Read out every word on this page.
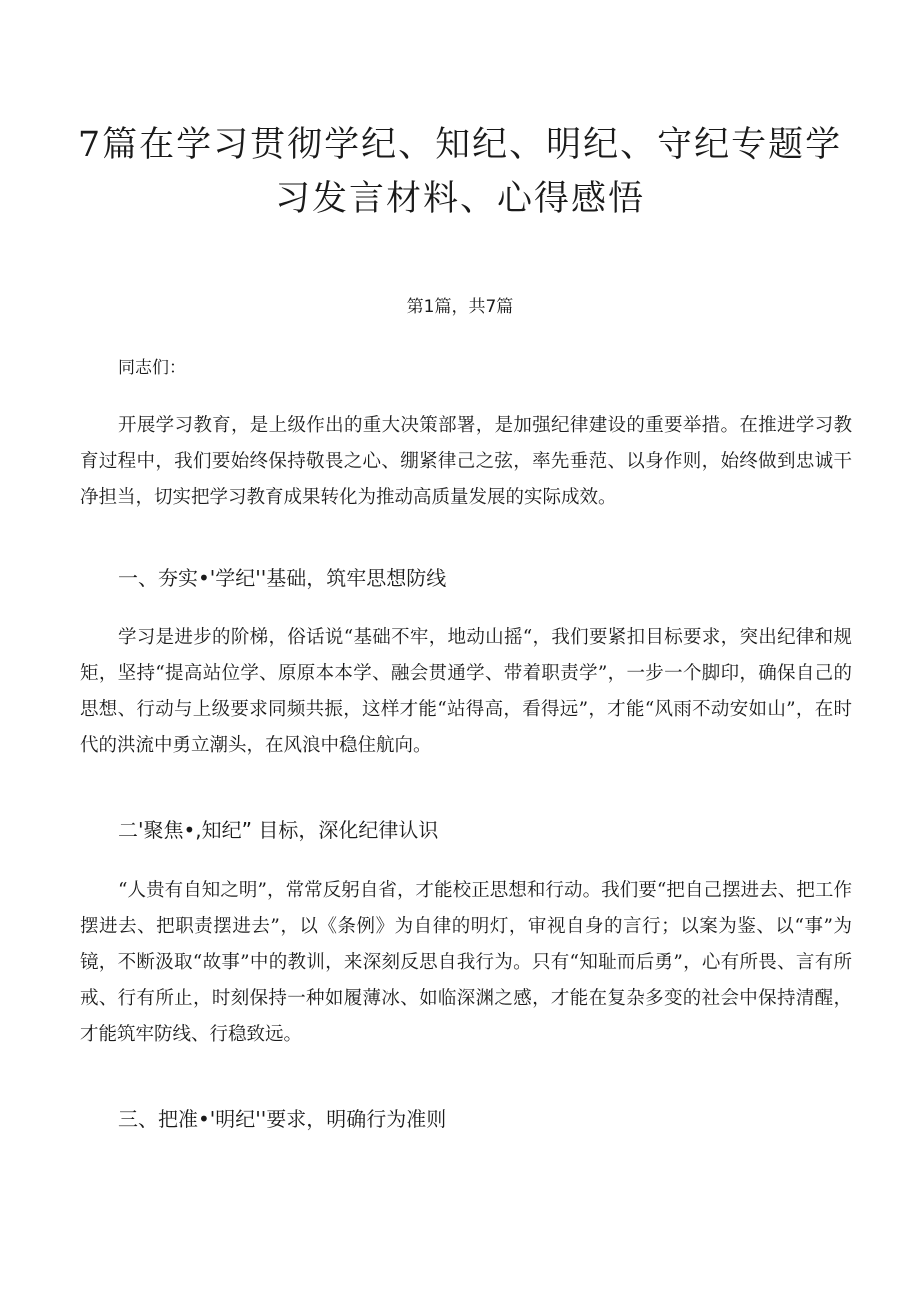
7篇在学习贯彻学纪、知纪、明纪、守纪专题学习发言材料、心得感悟
第1篇，共7篇
同志们：

开展学习教育，是上级作出的重大决策部署，是加强纪律建设的重要举措。在推进学习教育过程中，我们要始终保持敬畏之心、绷紧律己之弦，率先垂范、以身作则，始终做到忠诚干净担当，切实把学习教育成果转化为推动高质量发展的实际成效。

一、夯实•'学纪''基础，筑牢思想防线

学习是进步的阶梯，俗话说“基础不牢，地动山摇“，我们要紧扣目标要求，突出纪律和规矩，坚持“提高站位学、原原本本学、融会贯通学、带着职责学”，一步一个脚印，确保自己的思想、行动与上级要求同频共振，这样才能“站得高，看得远”，才能“风雨不动安如山”，在时代的洪流中勇立潮头，在风浪中稳住航向。

二'聚焦•,知纪” 目标，深化纪律认识

“人贵有自知之明”，常常反躬自省，才能校正思想和行动。我们要“把自己摆进去、把工作摆进去、把职责摆进去”，以《条例》为自律的明灯，审视自身的言行；以案为鉴、以“事”为镜，不断汲取“故事”中的教训，来深刻反思自我行为。只有“知耻而后勇”，心有所畏、言有所戒、行有所止，时刻保持一种如履薄冰、如临深渊之感，才能在复杂多变的社会中保持清醒，才能筑牢防线、行稳致远。

三、把准•'明纪''要求，明确行为准则
